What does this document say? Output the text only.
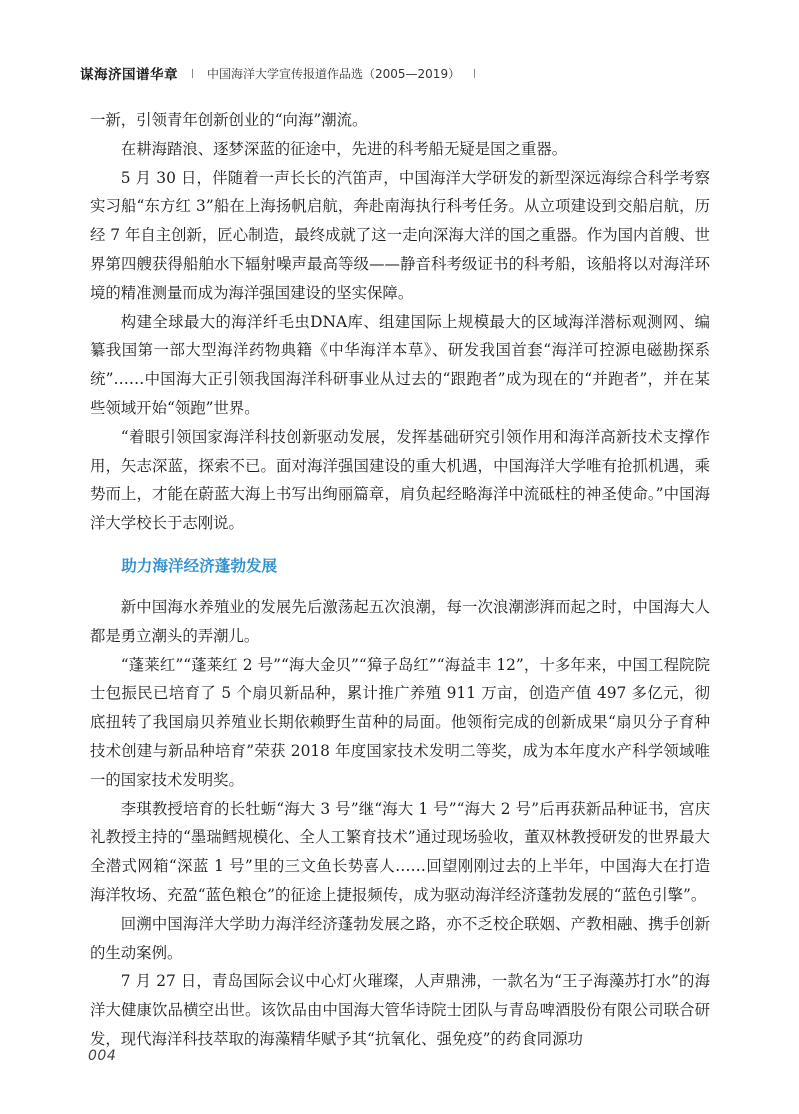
谋海济国谱华章 中国海洋大学宣传报道作品选（2005—2019）

一新，引领青年创新创业的“向海”潮流。

在耕海踏浪、逐梦深蓝的征途中，先进的科考船无疑是国之重器。

5 月 30 日，伴随着一声长长的汽笛声，中国海洋大学研发的新型深远海综合科学考察实习船“东方红 3”船在上海扬帆启航，奔赴南海执行科考任务。从立项建设到交船启航，历经 7 年自主创新，匠心制造，最终成就了这一走向深海大洋的国之重器。作为国内首艘、世界第四艘获得船舶水下辐射噪声最高等级——静音科考级证书的科考船，该船将以对海洋环境的精准测量而成为海洋强国建设的坚实保障。

构建全球最大的海洋纤毛虫DNA库、组建国际上规模最大的区域海洋潜标观测网、编纂我国第一部大型海洋药物典籍《中华海洋本草》、研发我国首套“海洋可控源电磁勘探系统”……中国海大正引领我国海洋科研事业从过去的“跟跑者”成为现在的“并跑者”，并在某些领域开始“领跑”世界。

“着眼引领国家海洋科技创新驱动发展，发挥基础研究引领作用和海洋高新技术支撑作用，矢志深蓝，探索不已。面对海洋强国建设的重大机遇，中国海洋大学唯有抢抓机遇，乘势而上，才能在蔚蓝大海上书写出绚丽篇章，肩负起经略海洋中流砥柱的神圣使命。”中国海洋大学校长于志刚说。

助力海洋经济蓬勃发展

新中国海水养殖业的发展先后激荡起五次浪潮，每一次浪潮澎湃而起之时，中国海大人都是勇立潮头的弄潮儿。

“蓬莱红”“蓬莱红 2 号”“海大金贝”“獐子岛红”“海益丰 12”，十多年来，中国工程院院士包振民已培育了 5 个扇贝新品种，累计推广养殖 911 万亩，创造产值 497 多亿元，彻底扭转了我国扇贝养殖业长期依赖野生苗种的局面。他领衔完成的创新成果“扇贝分子育种技术创建与新品种培育”荣获 2018 年度国家技术发明二等奖，成为本年度水产科学领域唯一的国家技术发明奖。

李琪教授培育的长牡蛎“海大 3 号”继“海大 1 号”“海大 2 号”后再获新品种证书，宫庆礼教授主持的“墨瑞鳕规模化、全人工繁育技术”通过现场验收，董双林教授研发的世界最大全潜式网箱“深蓝 1 号”里的三文鱼长势喜人……回望刚刚过去的上半年，中国海大在打造海洋牧场、充盈“蓝色粮仓”的征途上捷报频传，成为驱动海洋经济蓬勃发展的“蓝色引擎”。

回溯中国海洋大学助力海洋经济蓬勃发展之路，亦不乏校企联姻、产教相融、携手创新的生动案例。

7 月 27 日，青岛国际会议中心灯火璀璨，人声鼎沸，一款名为“王子海藻苏打水”的海洋大健康饮品横空出世。该饮品由中国海大管华诗院士团队与青岛啤酒股份有限公司联合研发，现代海洋科技萃取的海藻精华赋予其“抗氧化、强免疫”的药食同源功

004
